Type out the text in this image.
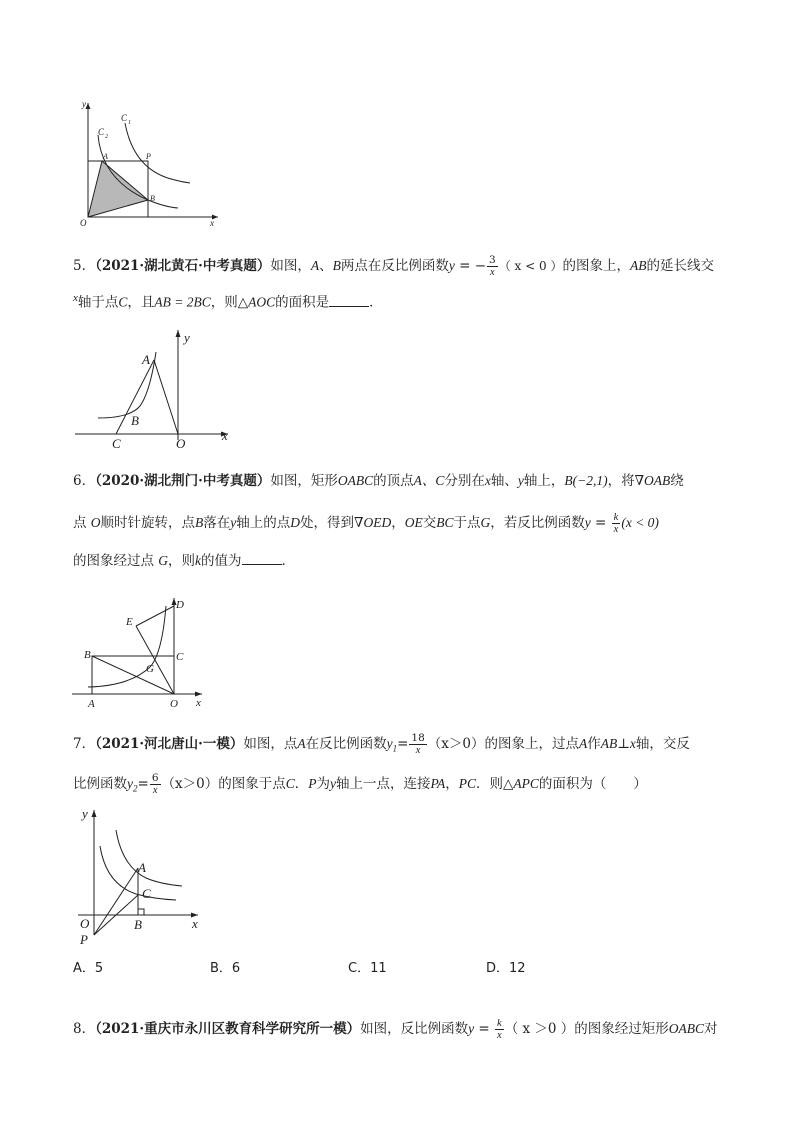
y
x
O
C 2
C 1
A	P
B
5．（2021·湖北黄石·中考真题）如图，A、B两点在反比例函数y = − $\frac{3}{x}$ （ x < 0 ）的图象上，AB的延长线交
$^x$轴于点C，且AB = 2BC，则△AOC的面积是	．
y
x
A
B
C	O
6．（2020·湖北荆门·中考真题）如图，矩形OABC的顶点A、C分别在x轴、y轴上，B(−2,1)，将∇OAB绕
点 O顺时针旋转，点B落在y轴上的点D处，得到∇OED，OE交BC于点G，若反比例函数$y = \frac{k}{x} (x < 0)$
的图象经过点 G，则k的值为	．
D
E
B	C
G
A	O x
7．（2021·河北唐山·一模）如图，点A在反比例函数$y_1= \frac{18}{x} (x>0)$的图象上，过点A作AB⊥x轴，交反
比例函数$y_2= \frac{6}{x} (x>0)$的图象于点C．P为y轴上一点，连接PA，PC．则△APC的面积为（　　）
y
x
A
C
O	B
P
A．5	B．6	C．11	D．12
8．（2021·重庆市永川区教育科学研究所一模）如图，反比例函数$y = \frac{k}{x}$ （ x ＞0 ）的图象经过矩形OABC对
